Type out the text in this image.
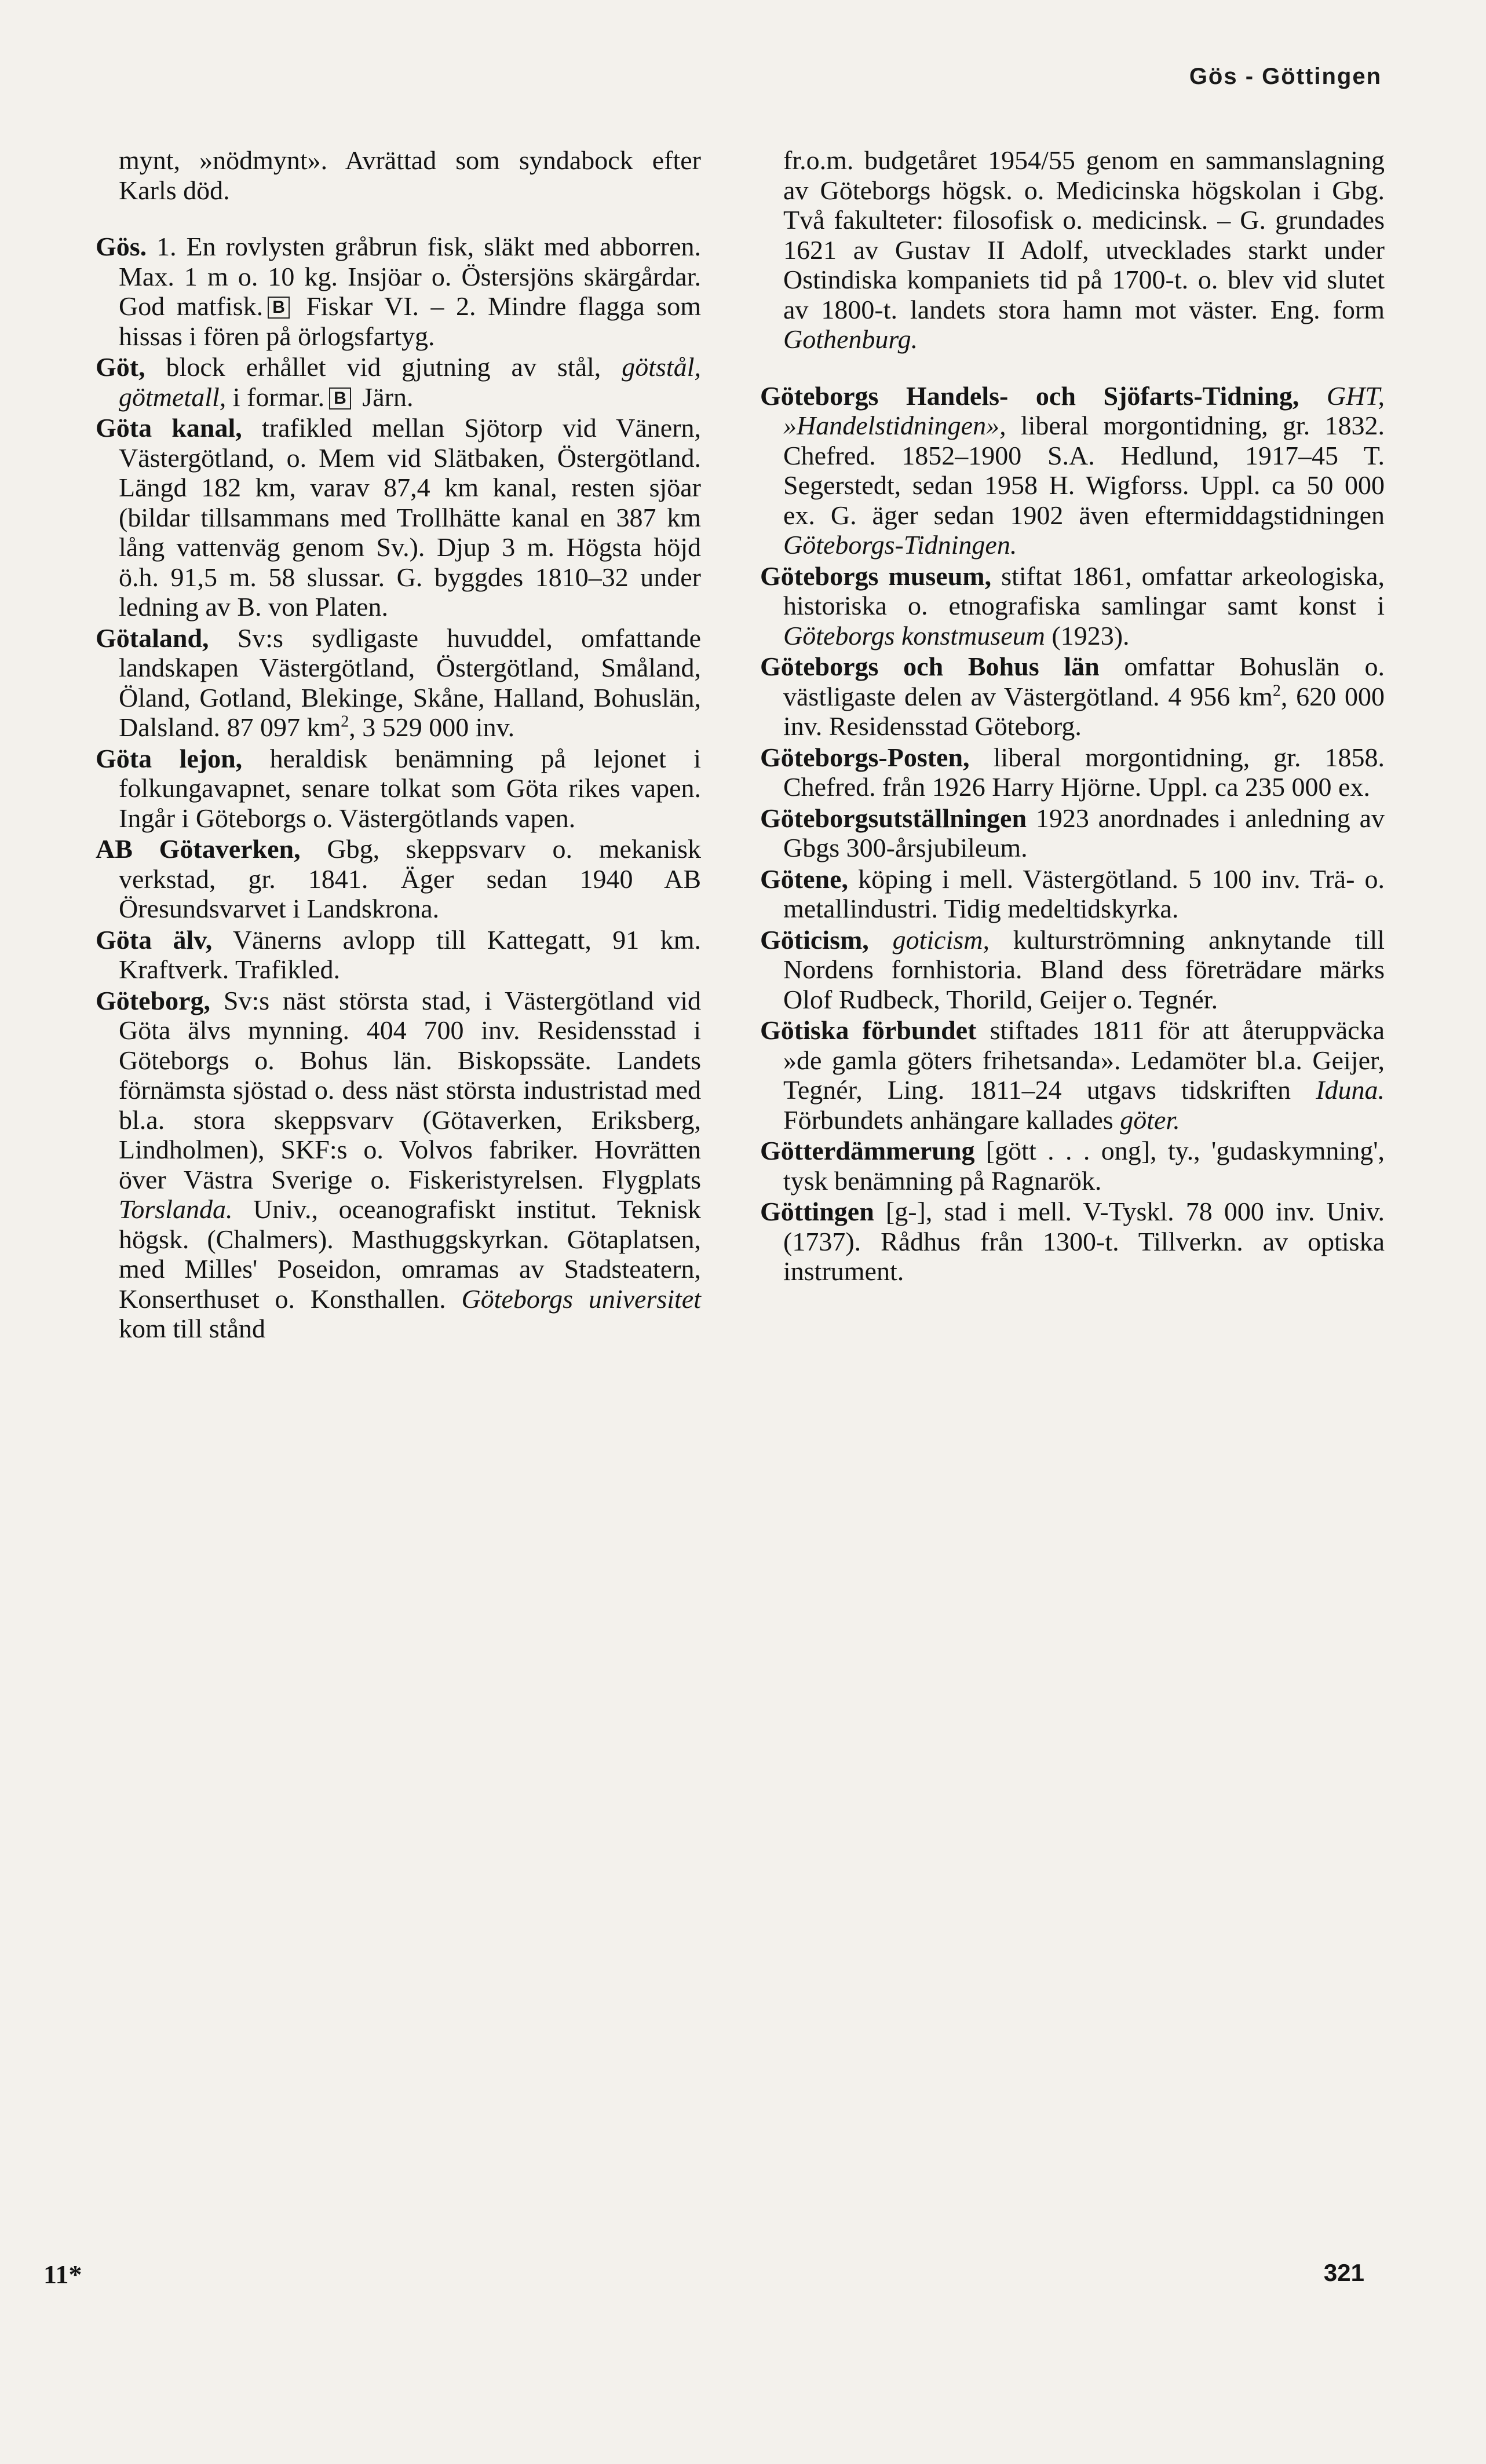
Gös - Göttingen

mynt, »nödmynt». Avrättad som syndabock efter Karls död.

Gös. 1. En rovlysten gråbrun fisk, släkt med abborren. Max. 1 m o. 10 kg. Insjöar o. Östersjöns skärgårdar. God matfisk. B Fiskar VI. – 2. Mindre flagga som hissas i fören på örlogsfartyg.

Göt, block erhållet vid gjutning av stål, götstål, götmetall, i formar. B Järn.

Göta kanal, trafikled mellan Sjötorp vid Vänern, Västergötland, o. Mem vid Slätbaken, Östergötland. Längd 182 km, varav 87,4 km kanal, resten sjöar (bildar tillsammans med Trollhätte kanal en 387 km lång vattenväg genom Sv.). Djup 3 m. Högsta höjd ö.h. 91,5 m. 58 slussar. G. byggdes 1810–32 under ledning av B. von Platen.

Götaland, Sv:s sydligaste huvuddel, omfattande landskapen Västergötland, Östergötland, Småland, Öland, Gotland, Blekinge, Skåne, Halland, Bohuslän, Dalsland. 87 097 $km^2$, 3 529 000 inv.

Göta lejon, heraldisk benämning på lejonet i folkungavapnet, senare tolkat som Göta rikes vapen. Ingår i Göteborgs o. Västergötlands vapen.

AB Götaverken, Gbg, skeppsvarv o. mekanisk verkstad, gr. 1841. Äger sedan 1940 AB Öresundsvarvet i Landskrona.

Göta älv, Vänerns avlopp till Kattegatt, 91 km. Kraftverk. Trafikled.

Göteborg, Sv:s näst största stad, i Västergötland vid Göta älvs mynning. 404 700 inv. Residensstad i Göteborgs o. Bohus län. Biskopssäte. Landets förnämsta sjöstad o. dess näst största industristad med bl.a. stora skeppsvarv (Götaverken, Eriksberg, Lindholmen), SKF:s o. Volvos fabriker. Hovrätten över Västra Sverige o. Fiskeristyrelsen. Flygplats Torslanda. Univ., oceanografiskt institut. Teknisk högsk. (Chalmers). Masthuggskyrkan. Götaplatsen, med Milles' Poseidon, omramas av Stadsteatern, Konserthuset o. Konsthallen. Göteborgs universitet kom till stånd

fr.o.m. budgetåret 1954/55 genom en sammanslagning av Göteborgs högsk. o. Medicinska högskolan i Gbg. Två fakulteter: filosofisk o. medicinsk. – G. grundades 1621 av Gustav II Adolf, utvecklades starkt under Ostindiska kompaniets tid på 1700-t. o. blev vid slutet av 1800-t. landets stora hamn mot väster. Eng. form Gothenburg.

Göteborgs Handels- och Sjöfarts-Tidning, GHT, »Handelstidningen», liberal morgontidning, gr. 1832. Chefred. 1852–1900 S.A. Hedlund, 1917–45 T. Segerstedt, sedan 1958 H. Wigforss. Uppl. ca 50 000 ex. G. äger sedan 1902 även eftermiddagstidningen Göteborgs-Tidningen.

Göteborgs museum, stiftat 1861, omfattar arkeologiska, historiska o. etnografiska samlingar samt konst i Göteborgs konstmuseum (1923).

Göteborgs och Bohus län omfattar Bohuslän o. västligaste delen av Västergötland. 4 956 $km^2$, 620 000 inv. Residensstad Göteborg.

Göteborgs-Posten, liberal morgontidning, gr. 1858. Chefred. från 1926 Harry Hjörne. Uppl. ca 235 000 ex.

Göteborgsutställningen 1923 anordnades i anledning av Gbgs 300-årsjubileum.

Götene, köping i mell. Västergötland. 5 100 inv. Trä- o. metallindustri. Tidig medeltidskyrka.

Göticism, goticism, kulturströmning anknytande till Nordens fornhistoria. Bland dess företrädare märks Olof Rudbeck, Thorild, Geijer o. Tegnér.

Götiska förbundet stiftades 1811 för att återuppväcka »de gamla göters frihetsanda». Ledamöter bl.a. Geijer, Tegnér, Ling. 1811–24 utgavs tidskriften Iduna. Förbundets anhängare kallades göter.

Götterdämmerung [gött . . . ong], ty., 'gudaskymning', tysk benämning på Ragnarök.

Göttingen [g-], stad i mell. V-Tyskl. 78 000 inv. Univ. (1737). Rådhus från 1300-t. Tillverkn. av optiska instrument.

11*	321
